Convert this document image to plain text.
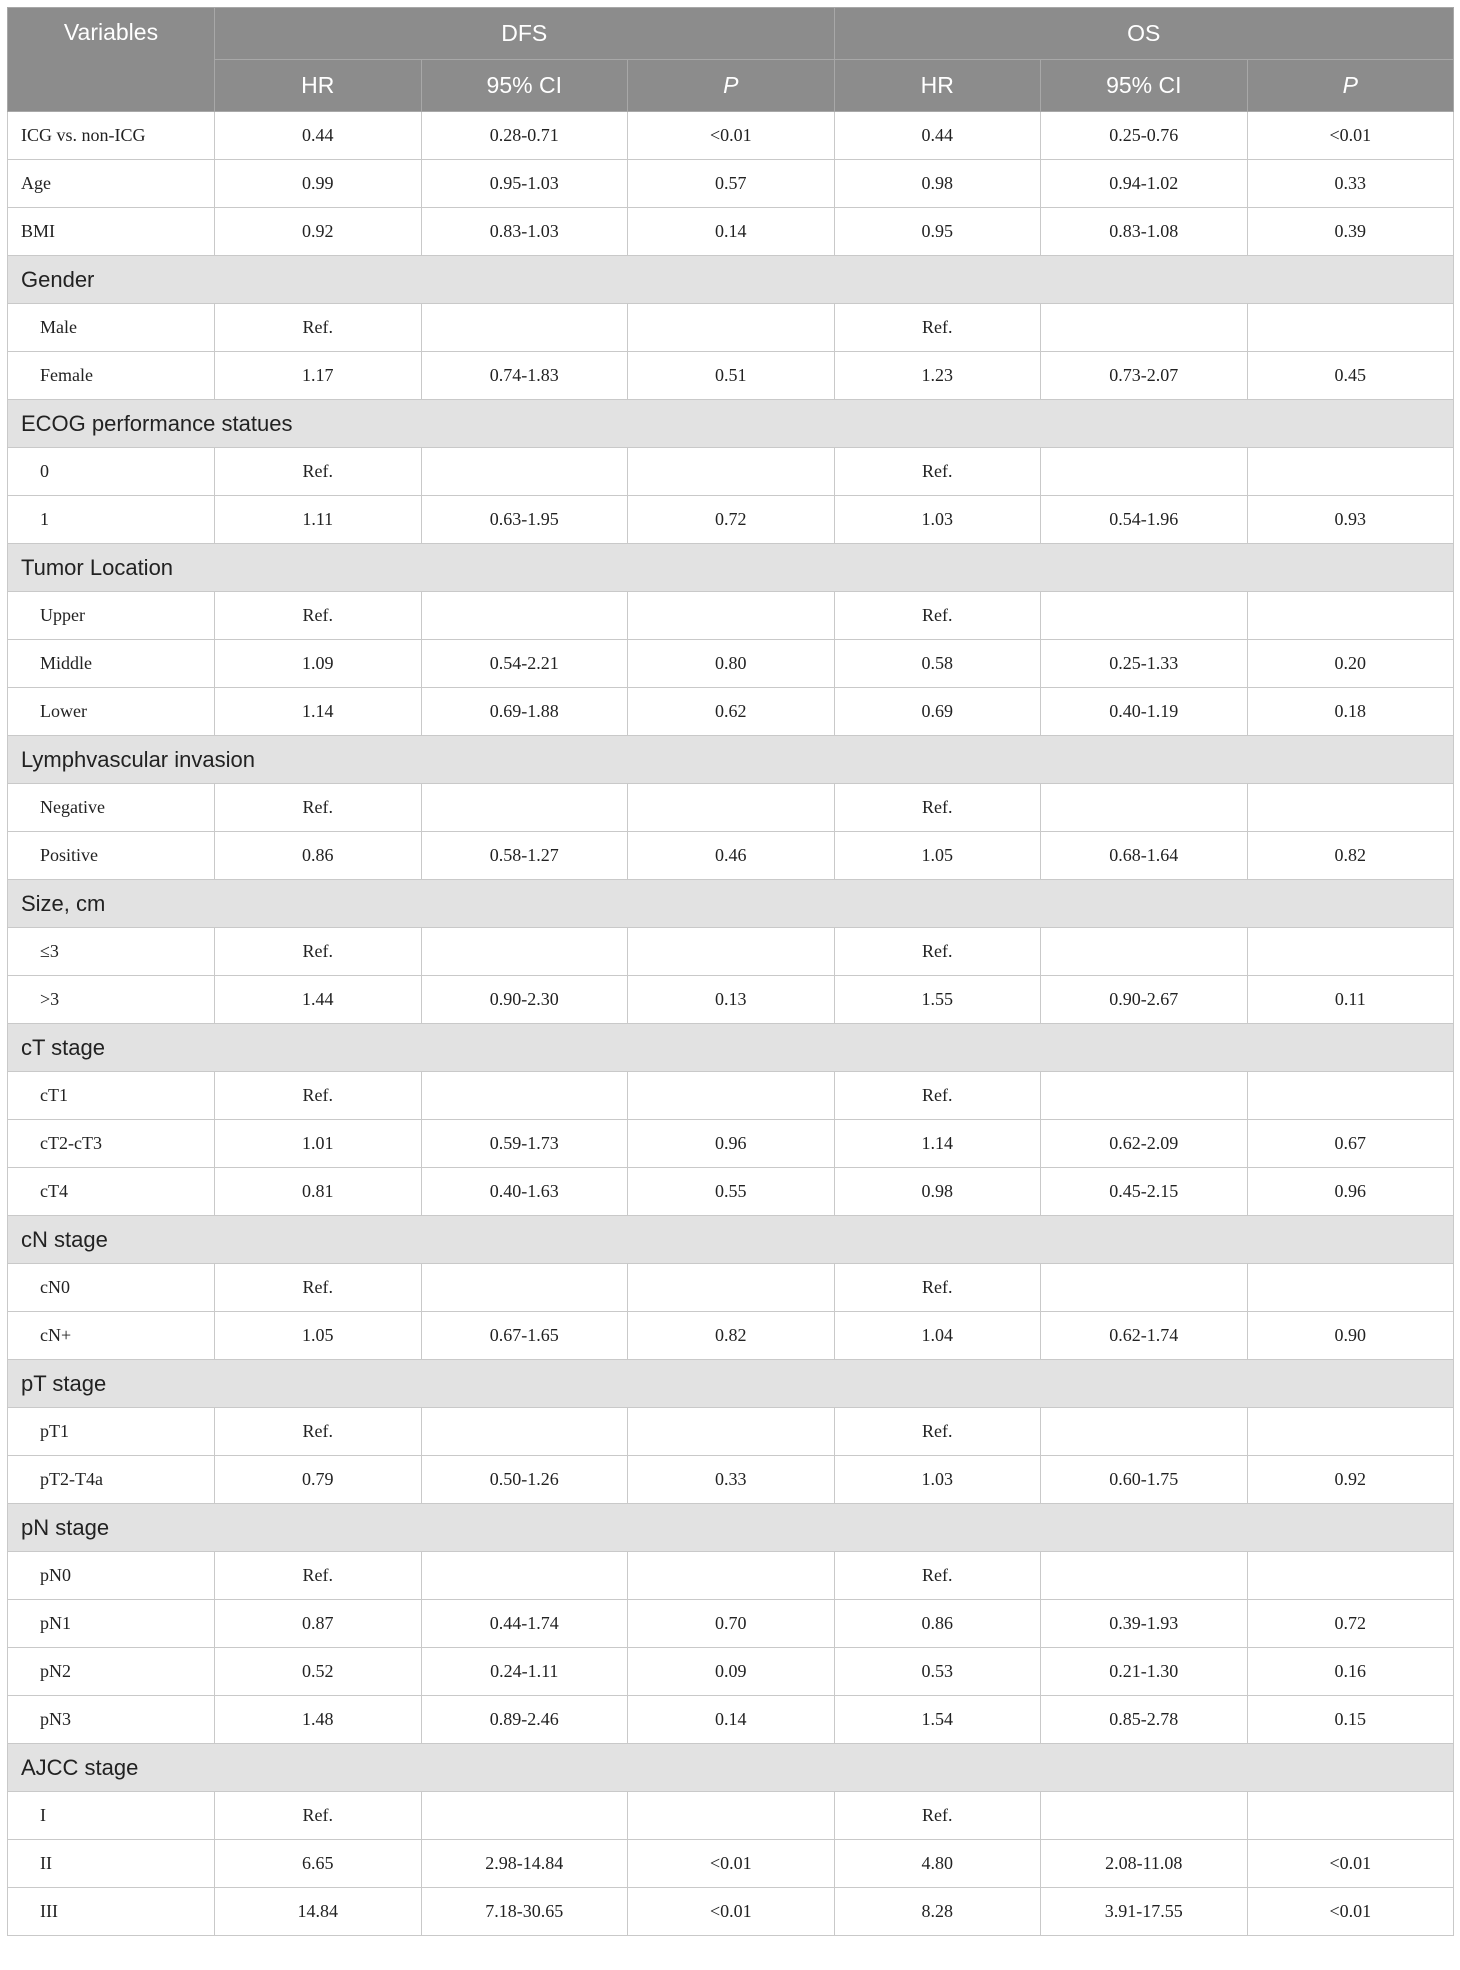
Variables	DFS			OS		
	HR	95% CI	P	HR	95% CI	P
ICG vs. non-ICG	0.44	0.28-0.71	<0.01	0.44	0.25-0.76	<0.01
Age	0.99	0.95-1.03	0.57	0.98	0.94-1.02	0.33
BMI	0.92	0.83-1.03	0.14	0.95	0.83-1.08	0.39
Gender						
Male	Ref.			Ref.		
Female	1.17	0.74-1.83	0.51	1.23	0.73-2.07	0.45
ECOG performance statues						
0	Ref.			Ref.		
1	1.11	0.63-1.95	0.72	1.03	0.54-1.96	0.93
Tumor Location						
Upper	Ref.			Ref.		
Middle	1.09	0.54-2.21	0.80	0.58	0.25-1.33	0.20
Lower	1.14	0.69-1.88	0.62	0.69	0.40-1.19	0.18
Lymphvascular invasion						
Negative	Ref.			Ref.		
Positive	0.86	0.58-1.27	0.46	1.05	0.68-1.64	0.82
Size, cm						
≤3	Ref.			Ref.		
>3	1.44	0.90-2.30	0.13	1.55	0.90-2.67	0.11
cT stage						
cT1	Ref.			Ref.		
cT2-cT3	1.01	0.59-1.73	0.96	1.14	0.62-2.09	0.67
cT4	0.81	0.40-1.63	0.55	0.98	0.45-2.15	0.96
cN stage						
cN0	Ref.			Ref.		
cN+	1.05	0.67-1.65	0.82	1.04	0.62-1.74	0.90
pT stage						
pT1	Ref.			Ref.		
pT2-T4a	0.79	0.50-1.26	0.33	1.03	0.60-1.75	0.92
pN stage						
pN0	Ref.			Ref.		
pN1	0.87	0.44-1.74	0.70	0.86	0.39-1.93	0.72
pN2	0.52	0.24-1.11	0.09	0.53	0.21-1.30	0.16
pN3	1.48	0.89-2.46	0.14	1.54	0.85-2.78	0.15
AJCC stage						
I	Ref.			Ref.		
II	6.65	2.98-14.84	<0.01	4.80	2.08-11.08	<0.01
III	14.84	7.18-30.65	<0.01	8.28	3.91-17.55	<0.01
